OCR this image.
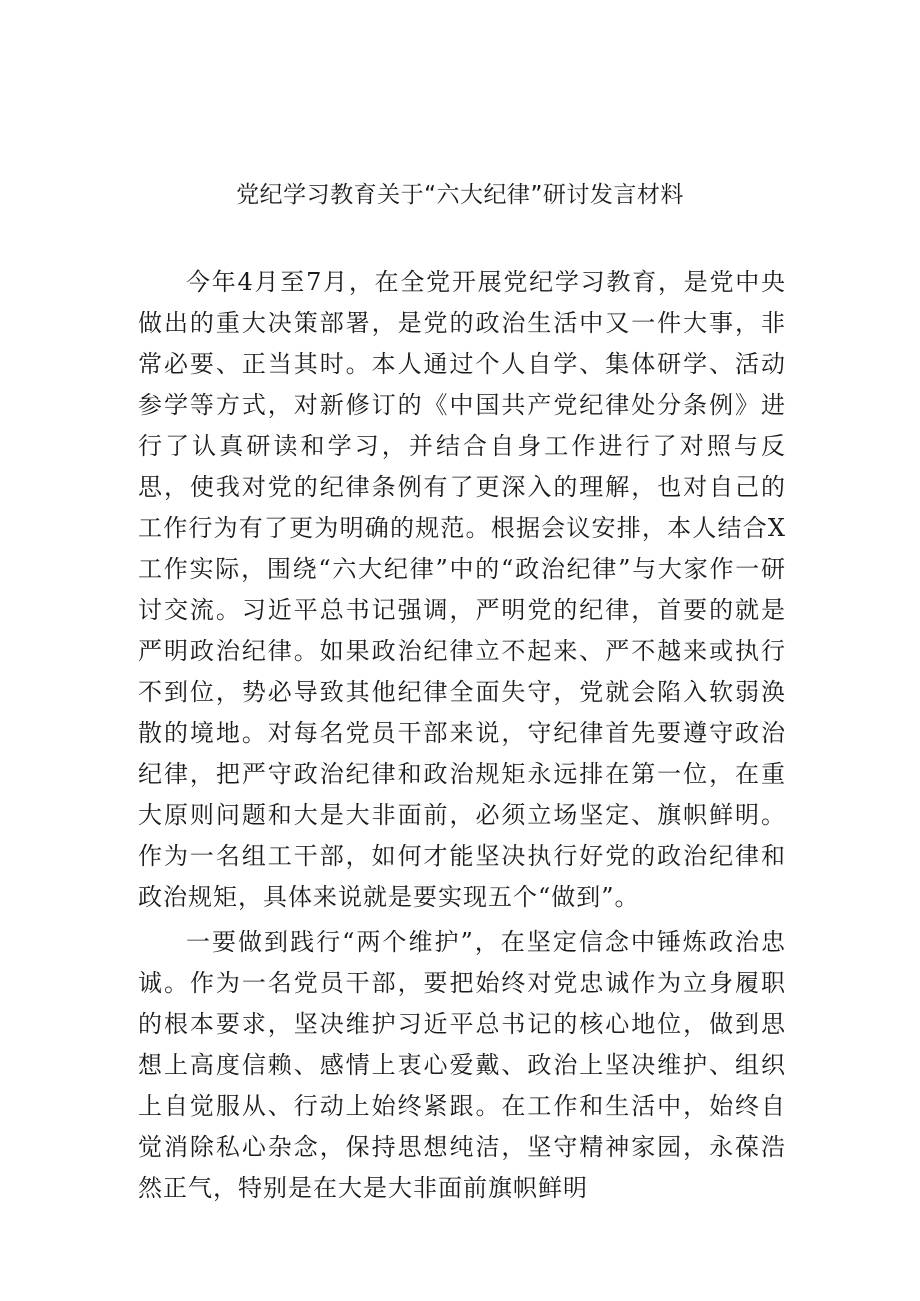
党纪学习教育关于“六大纪律”研讨发言材料

今年4月至7月，在全党开展党纪学习教育，是党中央做出的重大决策部署，是党的政治生活中又一件大事，非常必要、正当其时。本人通过个人自学、集体研学、活动参学等方式，对新修订的《中国共产党纪律处分条例》进行了认真研读和学习，并结合自身工作进行了对照与反思，使我对党的纪律条例有了更深入的理解，也对自己的工作行为有了更为明确的规范。根据会议安排，本人结合X工作实际，围绕“六大纪律”中的“政治纪律”与大家作一研讨交流。习近平总书记强调，严明党的纪律，首要的就是严明政治纪律。如果政治纪律立不起来、严不越来或执行不到位，势必导致其他纪律全面失守，党就会陷入软弱涣散的境地。对每名党员干部来说，守纪律首先要遵守政治纪律，把严守政治纪律和政治规矩永远排在第一位，在重大原则问题和大是大非面前，必须立场坚定、旗帜鲜明。作为一名组工干部，如何才能坚决执行好党的政治纪律和政治规矩，具体来说就是要实现五个“做到”。

一要做到践行“两个维护”，在坚定信念中锤炼政治忠诚。作为一名党员干部，要把始终对党忠诚作为立身履职的根本要求，坚决维护习近平总书记的核心地位，做到思想上高度信赖、感情上衷心爱戴、政治上坚决维护、组织上自觉服从、行动上始终紧跟。在工作和生活中，始终自觉消除私心杂念，保持思想纯洁，坚守精神家园，永葆浩然正气，特别是在大是大非面前旗帜鲜明
